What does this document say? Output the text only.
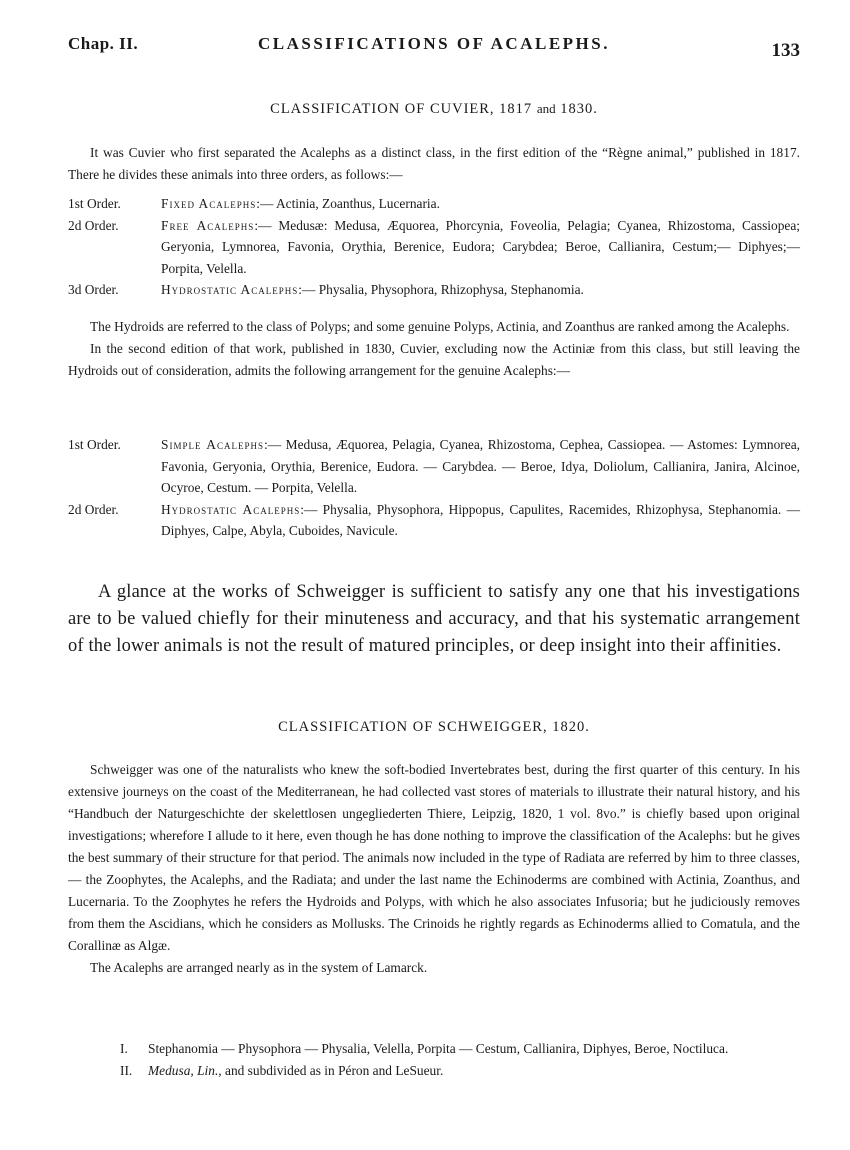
Chap. II.	CLASSIFICATIONS OF ACALEPHS.	133
CLASSIFICATION OF CUVIER, 1817 and 1830.

It was Cuvier who first separated the Acalephs as a distinct class, in the first edition of the “Règne animal,” published in 1817. There he divides these animals into three orders, as follows:—

1st Order.	Fixed Acalephs:— Actinia, Zoanthus, Lucernaria.
2d Order.	Free Acalephs:— Medusæ: Medusa, Æquorea, Phorcynia, Foveolia, Pelagia; Cyanea, Rhizostoma, Cassiopea; Geryonia, Lymnorea, Favonia, Orythia, Berenice, Eudora; Carybdea; Beroe, Callianira, Cestum;— Diphyes;— Porpita, Velella.
3d Order.	Hydrostatic Acalephs:— Physalia, Physophora, Rhizophysa, Stephanomia.

The Hydroids are referred to the class of Polyps; and some genuine Polyps, Actinia, and Zoanthus are ranked among the Acalephs.

In the second edition of that work, published in 1830, Cuvier, excluding now the Actiniæ from this class, but still leaving the Hydroids out of consideration, admits the following arrangement for the genuine Acalephs:—

1st Order.	Simple Acalephs:— Medusa, Æquorea, Pelagia, Cyanea, Rhizostoma, Cephea, Cassiopea. — Astomes: Lymnorea, Favonia, Geryonia, Orythia, Berenice, Eudora. — Carybdea. — Beroe, Idya, Doliolum, Callianira, Janira, Alcinoe, Ocyroe, Cestum. — Porpita, Velella.
2d Order.	Hydrostatic Acalephs:— Physalia, Physophora, Hippopus, Capulites, Racemides, Rhizophysa, Stephanomia. — Diphyes, Calpe, Abyla, Cuboides, Navicule.

A glance at the works of Schweigger is sufficient to satisfy any one that his investigations are to be valued chiefly for their minuteness and accuracy, and that his systematic arrangement of the lower animals is not the result of matured principles, or deep insight into their affinities.

CLASSIFICATION OF SCHWEIGGER, 1820.

Schweigger was one of the naturalists who knew the soft-bodied Invertebrates best, during the first quarter of this century. In his extensive journeys on the coast of the Mediterranean, he had collected vast stores of materials to illustrate their natural history, and his “Handbuch der Naturgeschichte der skelettlosen ungegliederten Thiere, Leipzig, 1820, 1 vol. 8vo.” is chiefly based upon original investigations; wherefore I allude to it here, even though he has done nothing to improve the classification of the Acalephs: but he gives the best summary of their structure for that period. The animals now included in the type of Radiata are referred by him to three classes,— the Zoophytes, the Acalephs, and the Radiata; and under the last name the Echinoderms are combined with Actinia, Zoanthus, and Lucernaria. To the Zoophytes he refers the Hydroids and Polyps, with which he also associates Infusoria; but he judiciously removes from them the Ascidians, which he considers as Mollusks. The Crinoids he rightly regards as Echinoderms allied to Comatula, and the Corallinæ as Algæ.

The Acalephs are arranged nearly as in the system of Lamarck.

I.	Stephanomia — Physophora — Physalia, Velella, Porpita — Cestum, Callianira, Diphyes, Beroe, Noctiluca.
II.	Medusa, Lin., and subdivided as in Péron and LeSueur.
